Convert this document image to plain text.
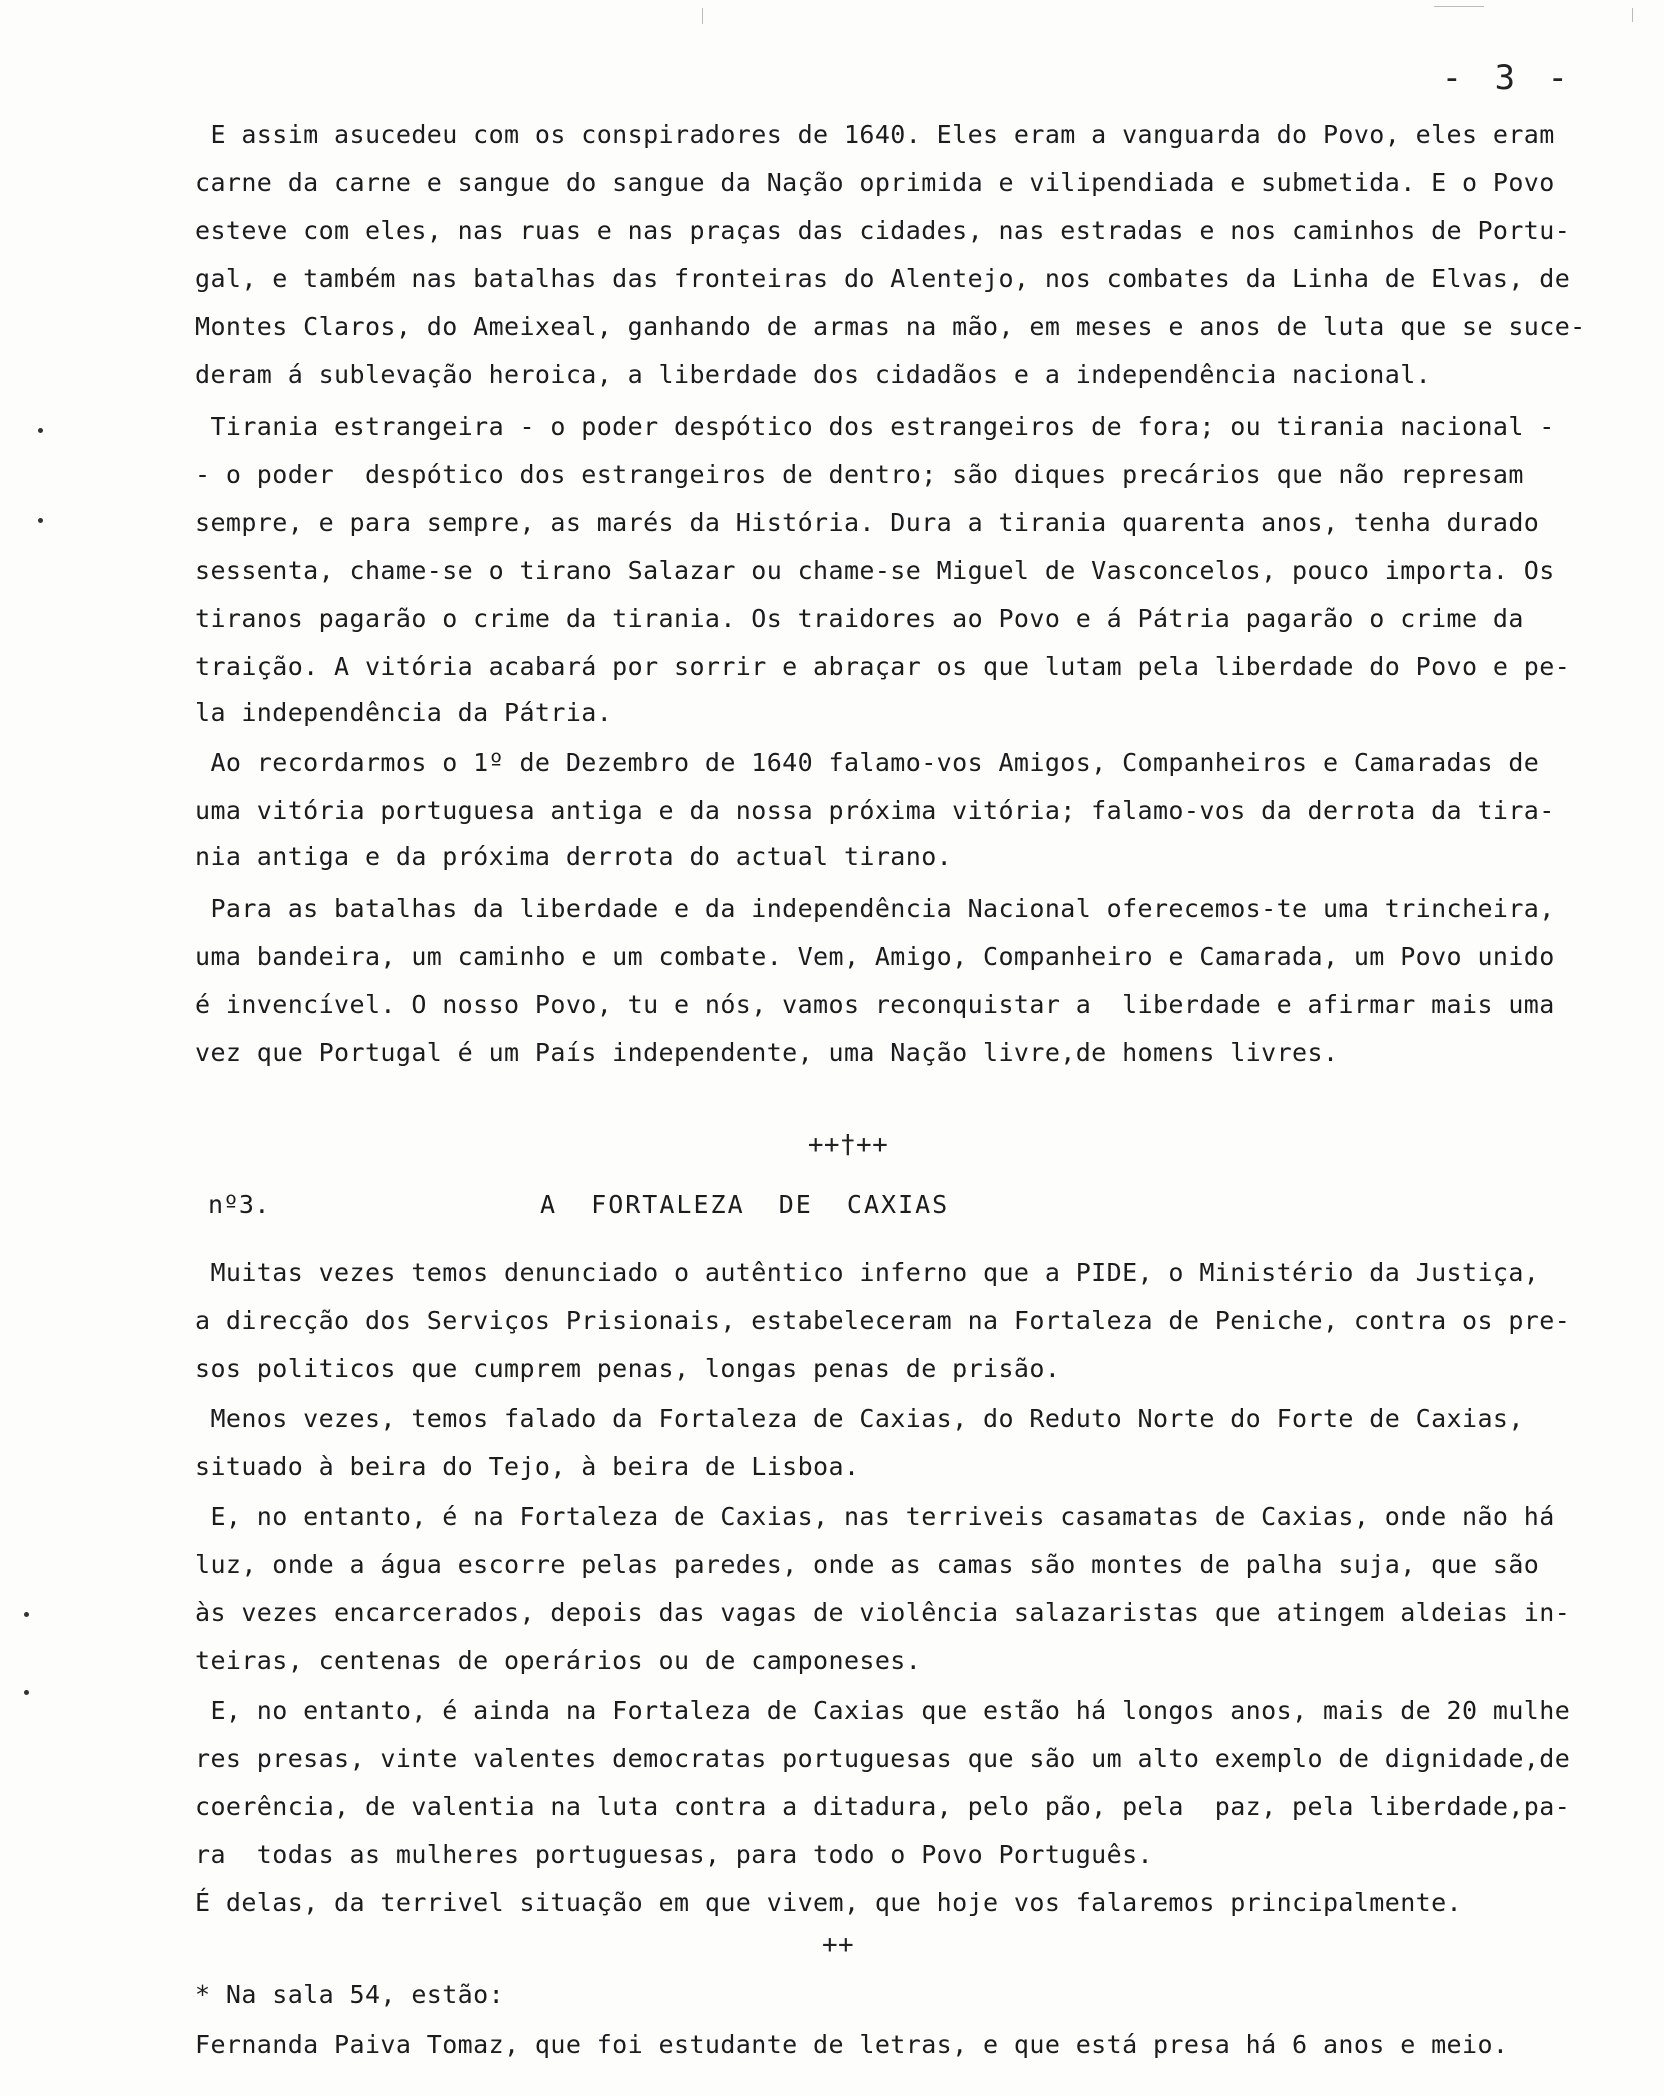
- 3 -
E assim asucedeu com os conspiradores de 1640. Eles eram a vanguarda do Povo, eles eram
carne da carne e sangue do sangue da Nação oprimida e vilipendiada e submetida. E o Povo
esteve com eles, nas ruas e nas praças das cidades, nas estradas e nos caminhos de Portu-
gal, e também nas batalhas das fronteiras do Alentejo, nos combates da Linha de Elvas, de
Montes Claros, do Ameixeal, ganhando de armas na mão, em meses e anos de luta que se suce-
deram á sublevação heroica, a liberdade dos cidadãos e a independência nacional.
Tirania estrangeira - o poder despótico dos estrangeiros de fora; ou tirania nacional -
- o poder  despótico dos estrangeiros de dentro; são diques precários que não represam
sempre, e para sempre, as marés da História. Dura a tirania quarenta anos, tenha durado
sessenta, chame-se o tirano Salazar ou chame-se Miguel de Vasconcelos, pouco importa. Os
tiranos pagarão o crime da tirania. Os traidores ao Povo e á Pátria pagarão o crime da
traição. A vitória acabará por sorrir e abraçar os que lutam pela liberdade do Povo e pe-
la independência da Pátria.
Ao recordarmos o 1º de Dezembro de 1640 falamo-vos Amigos, Companheiros e Camaradas de
uma vitória portuguesa antiga e da nossa próxima vitória; falamo-vos da derrota da tira-
nia antiga e da próxima derrota do actual tirano.
Para as batalhas da liberdade e da independência Nacional oferecemos-te uma trincheira,
uma bandeira, um caminho e um combate. Vem, Amigo, Companheiro e Camarada, um Povo unido
é invencível. O nosso Povo, tu e nós, vamos reconquistar a  liberdade e afirmar mais uma
vez que Portugal é um País independente, uma Nação livre,de homens livres.
++†++
nº3.	A  FORTALEZA  DE  CAXIAS
Muitas vezes temos denunciado o autêntico inferno que a PIDE, o Ministério da Justiça,
a direcção dos Serviços Prisionais, estabeleceram na Fortaleza de Peniche, contra os pre-
sos politicos que cumprem penas, longas penas de prisão.
Menos vezes, temos falado da Fortaleza de Caxias, do Reduto Norte do Forte de Caxias,
situado à beira do Tejo, à beira de Lisboa.
E, no entanto, é na Fortaleza de Caxias, nas terriveis casamatas de Caxias, onde não há
luz, onde a água escorre pelas paredes, onde as camas são montes de palha suja, que são
às vezes encarcerados, depois das vagas de violência salazaristas que atingem aldeias in-
teiras, centenas de operários ou de camponeses.
E, no entanto, é ainda na Fortaleza de Caxias que estão há longos anos, mais de 20 mulhe
res presas, vinte valentes democratas portuguesas que são um alto exemplo de dignidade,de
coerência, de valentia na luta contra a ditadura, pelo pão, pela  paz, pela liberdade,pa-
ra  todas as mulheres portuguesas, para todo o Povo Português.
É delas, da terrivel situação em que vivem, que hoje vos falaremos principalmente.
++
* Na sala 54, estão:
Fernanda Paiva Tomaz, que foi estudante de letras, e que está presa há 6 anos e meio.
